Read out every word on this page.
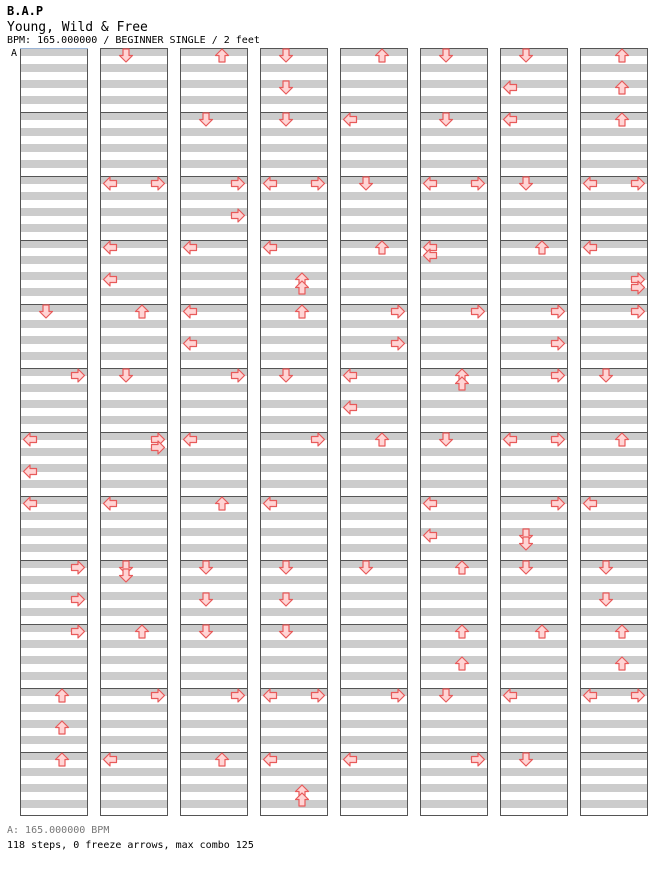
B.A.P
Young, Wild & Free
BPM: 165.000000 / BEGINNER SINGLE / 2 feet
A
A: 165.000000 BPM
118 steps, 0 freeze arrows, max combo 125
